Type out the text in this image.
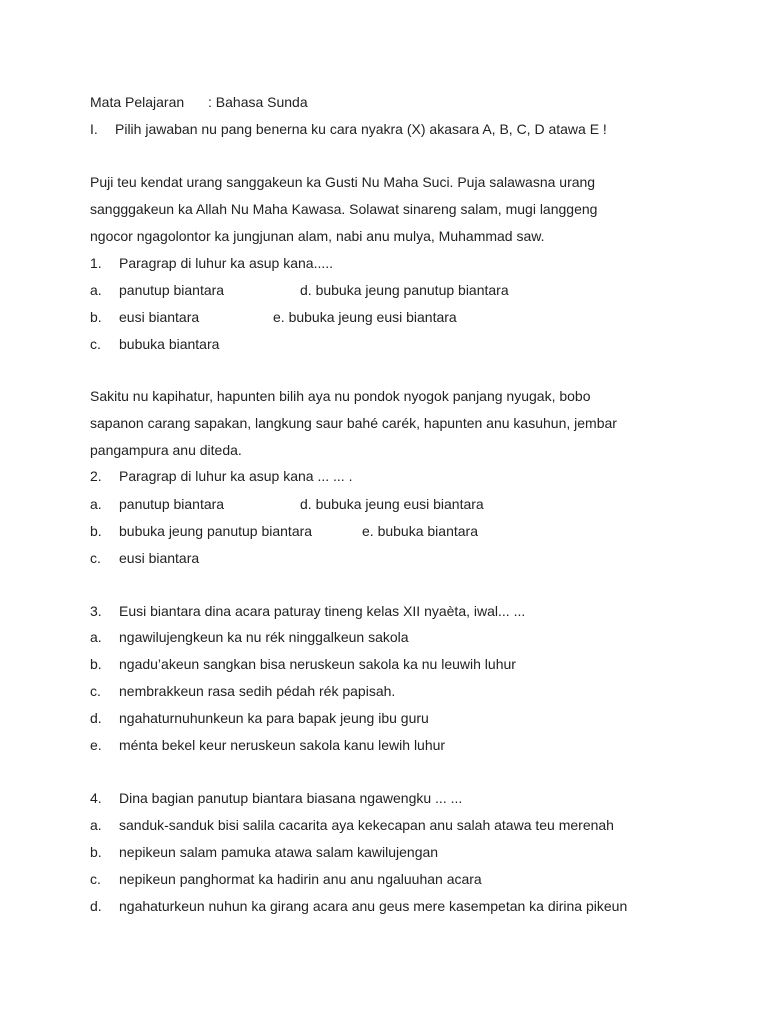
Mata Pelajaran : Bahasa Sunda
I. Pilih jawaban nu pang benerna ku cara nyakra (X) akasara A, B, C, D atawa E !
Puji teu kendat urang sanggakeun ka Gusti Nu Maha Suci. Puja salawasna urang
sangggakeun ka Allah Nu Maha Kawasa. Solawat sinareng salam, mugi langgeng
ngocor ngagolontor ka jungjunan alam, nabi anu mulya, Muhammad saw.
1. Paragrap di luhur ka asup kana.....
a. panutup biantara	d. bubuka jeung panutup biantara
b. eusi biantara	e. bubuka jeung eusi biantara
c. bubuka biantara
Sakitu nu kapihatur, hapunten bilih aya nu pondok nyogok panjang nyugak, bobo
sapanon carang sapakan, langkung saur bahé carék, hapunten anu kasuhun, jembar
pangampura anu diteda.
2. Paragrap di luhur ka asup kana ... ... .
a. panutup biantara	d. bubuka jeung eusi biantara
b. bubuka jeung panutup biantara	e. bubuka biantara
c. eusi biantara
3. Eusi biantara dina acara paturay tineng kelas XII nyaèta, iwal... ...
a. ngawilujengkeun ka nu rék ninggalkeun sakola
b. ngadu’akeun sangkan bisa neruskeun sakola ka nu leuwih luhur
c. nembrakkeun rasa sedih pédah rék papisah.
d. ngahaturnuhunkeun ka para bapak jeung ibu guru
e. ménta bekel keur neruskeun sakola kanu lewih luhur
4. Dina bagian panutup biantara biasana ngawengku ... ...
a. sanduk-sanduk bisi salila cacarita aya kekecapan anu salah atawa teu merenah
b. nepikeun salam pamuka atawa salam kawilujengan
c. nepikeun panghormat ka hadirin anu anu ngaluuhan acara
d. ngahaturkeun nuhun ka girang acara anu geus mere kasempetan ka dirina pikeun
